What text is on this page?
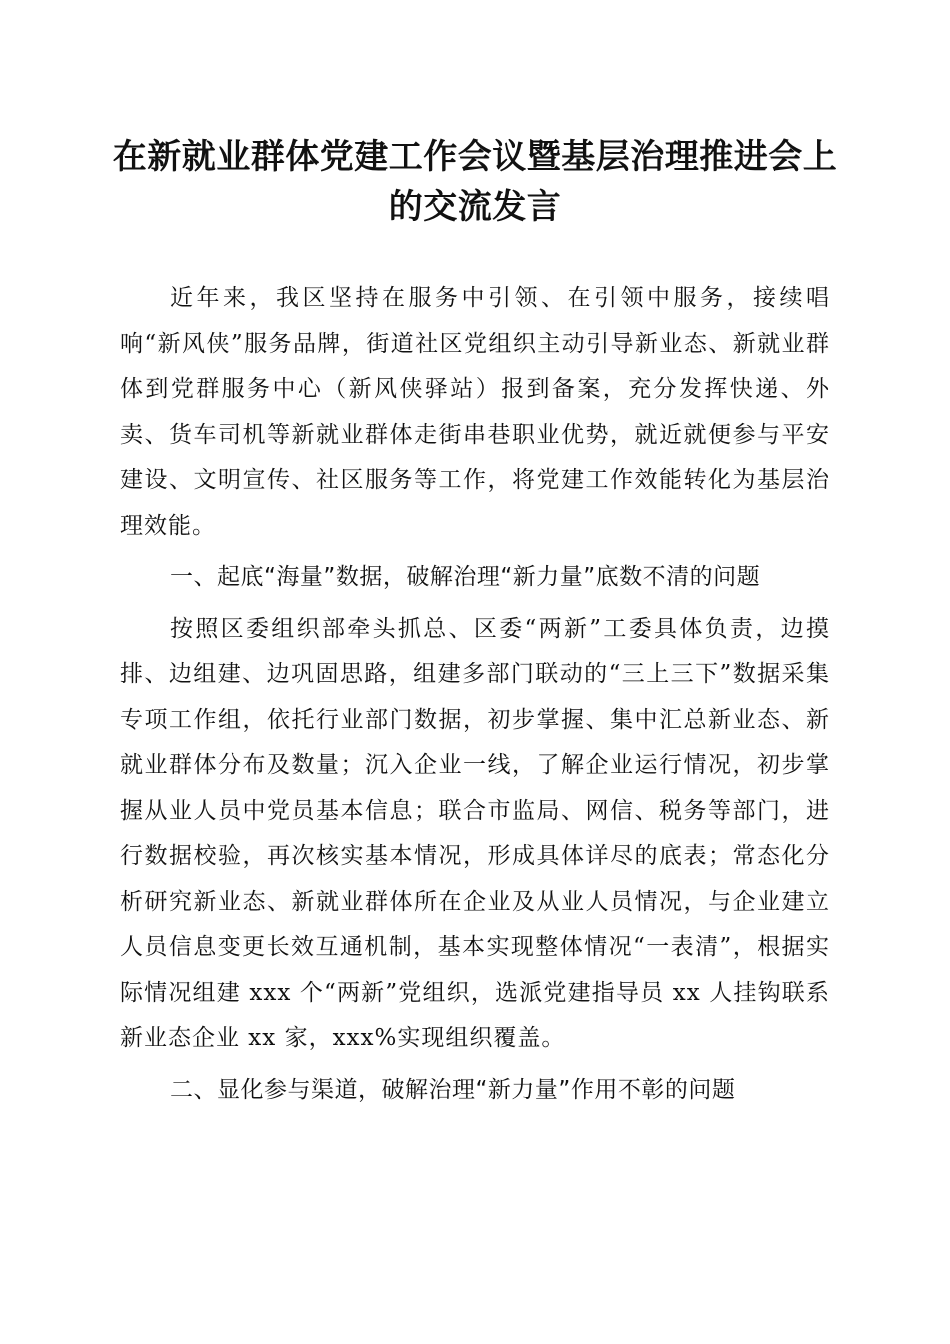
在新就业群体党建工作会议暨基层治理推进会上的交流发言

近年来，我区坚持在服务中引领、在引领中服务，接续唱响“新风侠”服务品牌，街道社区党组织主动引导新业态、新就业群体到党群服务中心（新风侠驿站）报到备案，充分发挥快递、外卖、货车司机等新就业群体走街串巷职业优势，就近就便参与平安建设、文明宣传、社区服务等工作，将党建工作效能转化为基层治理效能。

一、起底“海量”数据，破解治理“新力量”底数不清的问题

按照区委组织部牵头抓总、区委“两新”工委具体负责，边摸排、边组建、边巩固思路，组建多部门联动的“三上三下”数据采集专项工作组，依托行业部门数据，初步掌握、集中汇总新业态、新就业群体分布及数量；沉入企业一线，了解企业运行情况，初步掌握从业人员中党员基本信息；联合市监局、网信、税务等部门，进行数据校验，再次核实基本情况，形成具体详尽的底表；常态化分析研究新业态、新就业群体所在企业及从业人员情况，与企业建立人员信息变更长效互通机制，基本实现整体情况“一表清”，根据实际情况组建 xxx 个“两新”党组织，选派党建指导员 xx 人挂钩联系新业态企业 xx 家，xxx%实现组织覆盖。

二、显化参与渠道，破解治理“新力量”作用不彰的问题
